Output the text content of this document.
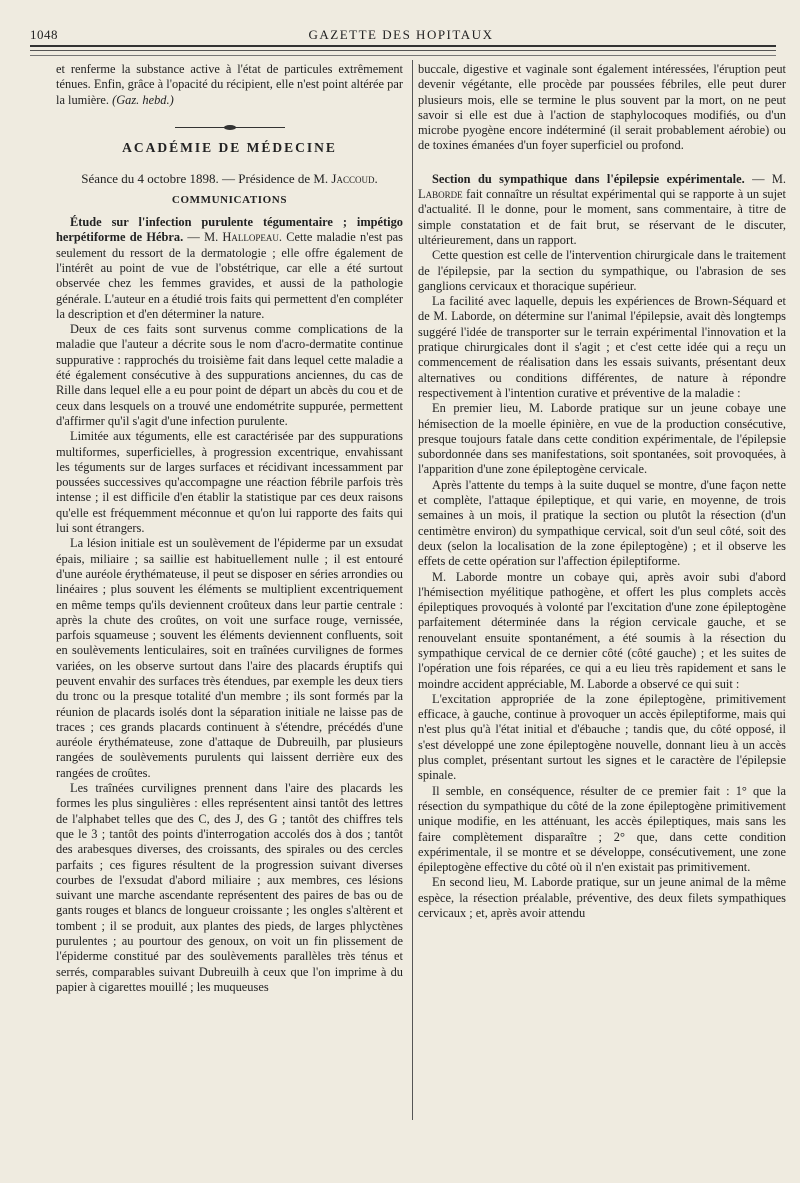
1048	GAZETTE DES HOPITAUX

et renferme la substance active à l'état de particules extrêmement ténues. Enfin, grâce à l'opacité du récipient, elle n'est point altérée par la lumière. (Gaz. hebd.)

ACADÉMIE DE MÉDECINE
Séance du 4 octobre 1898. — Présidence de M. Jaccoud.
COMMUNICATIONS

Étude sur l'infection purulente tégumentaire ; impétigo herpétiforme de Hébra. — M. Hallopeau. Cette maladie n'est pas seulement du ressort de la dermatologie ; elle offre également de l'intérêt au point de vue de l'obstétrique, car elle a été surtout observée chez les femmes gravides, et aussi de la pathologie générale. L'auteur en a étudié trois faits qui permettent d'en compléter la description et d'en déterminer la nature.

Deux de ces faits sont survenus comme complications de la maladie que l'auteur a décrite sous le nom d'acro-dermatite continue suppurative : rapprochés du troisième fait dans lequel cette maladie a été également consécutive à des suppurations anciennes, du cas de Rille dans lequel elle a eu pour point de départ un abcès du cou et de ceux dans lesquels on a trouvé une endométrite suppurée, permettent d'affirmer qu'il s'agit d'une infection purulente.

Limitée aux téguments, elle est caractérisée par des suppurations multiformes, superficielles, à progression excentrique, envahissant les téguments sur de larges surfaces et récidivant incessamment par poussées successives qu'accompagne une réaction fébrile parfois très intense ; il est difficile d'en établir la statistique par ces deux raisons qu'elle est fréquemment méconnue et qu'on lui rapporte des faits qui lui sont étrangers.

La lésion initiale est un soulèvement de l'épiderme par un exsudat épais, miliaire ; sa saillie est habituellement nulle ; il est entouré d'une auréole érythémateuse, il peut se disposer en séries arrondies ou linéaires ; plus souvent les éléments se multiplient excentriquement en même temps qu'ils deviennent croûteux dans leur partie centrale : après la chute des croûtes, on voit une surface rouge, vernissée, parfois squameuse ; souvent les éléments deviennent confluents, soit en soulèvements lenticulaires, soit en traînées curvilignes de formes variées, on les observe surtout dans l'aire des placards éruptifs qui peuvent envahir des surfaces très étendues, par exemple les deux tiers du tronc ou la presque totalité d'un membre ; ils sont formés par la réunion de placards isolés dont la séparation initiale ne laisse pas de traces ; ces grands placards continuent à s'étendre, précédés d'une auréole érythémateuse, zone d'attaque de Dubreuilh, par plusieurs rangées de soulèvements purulents qui laissent derrière eux des rangées de croûtes.

Les traînées curvilignes prennent dans l'aire des placards les formes les plus singulières : elles représentent ainsi tantôt des lettres de l'alphabet telles que des C, des J, des G ; tantôt des chiffres tels que le 3 ; tantôt des points d'interrogation accolés dos à dos ; tantôt des arabesques diverses, des croissants, des spirales ou des cercles parfaits ; ces figures résultent de la progression suivant diverses courbes de l'exsudat d'abord miliaire ; aux membres, ces lésions suivant une marche ascendante représentent des paires de bas ou de gants rouges et blancs de longueur croissante ; les ongles s'altèrent et tombent ; il se produit, aux plantes des pieds, de larges phlyctènes purulentes ; au pourtour des genoux, on voit un fin plissement de l'épiderme constitué par des soulèvements parallèles très ténus et serrés, comparables suivant Dubreuilh à ceux que l'on imprime à du papier à cigarettes mouillé ; les muqueuses

buccale, digestive et vaginale sont également intéressées, l'éruption peut devenir végétante, elle procède par poussées fébriles, elle peut durer plusieurs mois, elle se termine le plus souvent par la mort, on ne peut savoir si elle est due à l'action de staphylocoques modifiés, ou d'un microbe pyogène encore indéterminé (il serait probablement aérobie) ou de toxines émanées d'un foyer superficiel ou profond.

Section du sympathique dans l'épilepsie expérimentale. — M. Laborde fait connaître un résultat expérimental qui se rapporte à un sujet d'actualité. Il le donne, pour le moment, sans commentaire, à titre de simple constatation et de fait brut, se réservant de le discuter, ultérieurement, dans un rapport.

Cette question est celle de l'intervention chirurgicale dans le traitement de l'épilepsie, par la section du sympathique, ou l'abrasion de ses ganglions cervicaux et thoracique supérieur.

La facilité avec laquelle, depuis les expériences de Brown-Séquard et de M. Laborde, on détermine sur l'animal l'épilepsie, avait dès longtemps suggéré l'idée de transporter sur le terrain expérimental l'innovation et la pratique chirurgicales dont il s'agit ; et c'est cette idée qui a reçu un commencement de réalisation dans les essais suivants, présentant deux alternatives ou conditions différentes, de nature à répondre respectivement à l'intention curative et préventive de la maladie :

En premier lieu, M. Laborde pratique sur un jeune cobaye une hémisection de la moelle épinière, en vue de la production consécutive, presque toujours fatale dans cette condition expérimentale, de l'épilepsie subordonnée dans ses manifestations, soit spontanées, soit provoquées, à l'apparition d'une zone épileptogène cervicale.

Après l'attente du temps à la suite duquel se montre, d'une façon nette et complète, l'attaque épileptique, et qui varie, en moyenne, de trois semaines à un mois, il pratique la section ou plutôt la résection (d'un centimètre environ) du sympathique cervical, soit d'un seul côté, soit des deux (selon la localisation de la zone épileptogène) ; et il observe les effets de cette opération sur l'affection épileptiforme.

M. Laborde montre un cobaye qui, après avoir subi d'abord l'hémisection myélitique pathogène, et offert les plus complets accès épileptiques provoqués à volonté par l'excitation d'une zone épileptogène parfaitement déterminée dans la région cervicale gauche, et se renouvelant ensuite spontanément, a été soumis à la résection du sympathique cervical de ce dernier côté (côté gauche) ; et les suites de l'opération une fois réparées, ce qui a eu lieu très rapidement et sans le moindre accident appréciable, M. Laborde a observé ce qui suit :

L'excitation appropriée de la zone épileptogène, primitivement efficace, à gauche, continue à provoquer un accès épileptiforme, mais qui n'est plus qu'à l'état initial et d'ébauche ; tandis que, du côté opposé, il s'est développé une zone épileptogène nouvelle, donnant lieu à un accès plus complet, présentant surtout les signes et le caractère de l'épilepsie spinale.

Il semble, en conséquence, résulter de ce premier fait : 1° que la résection du sympathique du côté de la zone épileptogène primitivement unique modifie, en les atténuant, les accès épileptiques, mais sans les faire complètement disparaître ; 2° que, dans cette condition expérimentale, il se montre et se développe, consécutivement, une zone épileptogène effective du côté où il n'en existait pas primitivement.

En second lieu, M. Laborde pratique, sur un jeune animal de la même espèce, la résection préalable, préventive, des deux filets sympathiques cervicaux ; et, après avoir attendu
